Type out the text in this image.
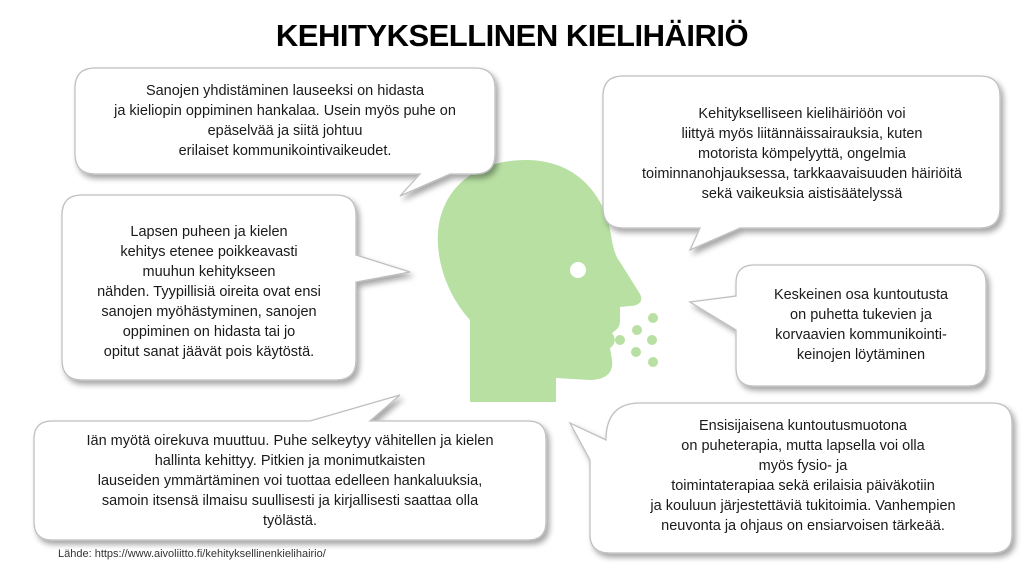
KEHITYKSELLINEN KIELIHÄIRIÖ
Sanojen yhdistäminen lauseeksi on hidasta
ja kieliopin oppiminen hankalaa. Usein myös puhe on
epäselvää ja siitä johtuu
erilaiset kommunikointivaikeudet.
Lapsen puheen ja kielen
kehitys etenee poikkeavasti
muuhun kehitykseen
nähden. Tyypillisiä oireita ovat ensi
sanojen myöhästyminen, sanojen
oppiminen on hidasta tai jo
opitut sanat jäävät pois käytöstä.
Iän myötä oirekuva muuttuu. Puhe selkeytyy vähitellen ja kielen
hallinta kehittyy. Pitkien ja monimutkaisten
lauseiden ymmärtäminen voi tuottaa edelleen hankaluuksia,
samoin itsensä ilmaisu suullisesti ja kirjallisesti saattaa olla
työlästä.
Kehitykselliseen kielihäiriöön voi
liittyä myös liitännäissairauksia, kuten
motorista kömpelyyttä, ongelmia
toiminnanohjauksessa, tarkkaavaisuuden häiriöitä
sekä vaikeuksia aistisäätelyssä
Keskeinen osa kuntoutusta
on puhetta tukevien ja
korvaavien kommunikointi-
keinojen löytäminen
Ensisijaisena kuntoutusmuotona
on puheterapia, mutta lapsella voi olla
myös fysio- ja
toimintaterapiaa sekä erilaisia päiväkotiin
ja kouluun järjestettäviä tukitoimia. Vanhempien
neuvonta ja ohjaus on ensiarvoisen tärkeää.
Lähde: https://www.aivoliitto.fi/kehityksellinenkielihairio/
